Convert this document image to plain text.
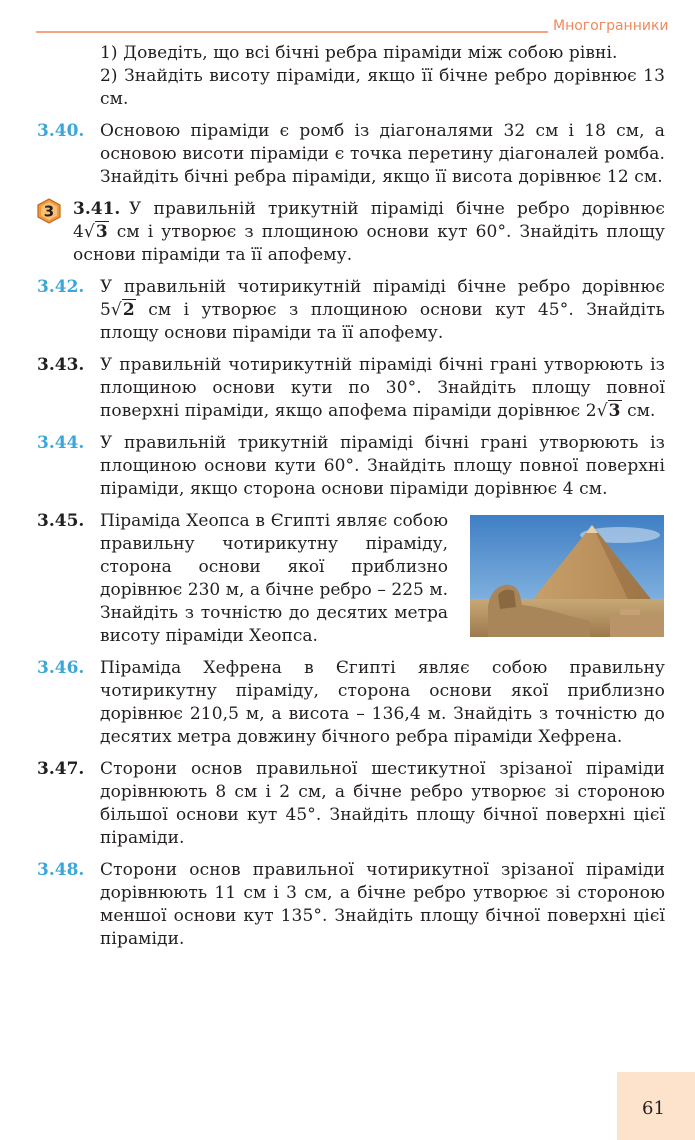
Многогранники
1) Доведіть, що всі бічні ребра піраміди між собою рівні.
2) Знайдіть висоту піраміди, якщо її бічне ребро дорівнює 13 см.
3.40. Основою піраміди є ромб із діагоналями 32 см і 18 см, а основою висоти піраміди є точка перетину діагоналей ромба. Знайдіть бічні ребра піраміди, якщо її висота дорівнює 12 см.
3 3.41. У правильній трикутній піраміді бічне ребро дорівнює 4√3 см і утворює з площиною основи кут 60°. Знайдіть площу основи піраміди та її апофему.
3.42. У правильній чотирикутній піраміді бічне ребро дорівнює 5√2 см і утворює з площиною основи кут 45°. Знайдіть площу основи піраміди та її апофему.
3.43. У правильній чотирикутній піраміді бічні грані утворюють із площиною основи кути по 30°. Знайдіть площу повної поверхні піраміди, якщо апофема піраміди дорівнює 2√3 см.
3.44. У правильній трикутній піраміді бічні грані утворюють із площиною основи кути 60°. Знайдіть площу повної поверхні піраміди, якщо сторона основи піраміди дорівнює 4 см.
3.45. Піраміда Хеопса в Єгипті являє собою правильну чотирикутну піраміду, сторона основи якої приблизно дорівнює 230 м, а бічне ребро – 225 м. Знайдіть з точністю до десятих метра висоту піраміди Хеопса.
3.46. Піраміда Хефрена в Єгипті являє собою правильну чотирикутну піраміду, сторона основи якої приблизно дорівнює 210,5 м, а висота – 136,4 м. Знайдіть з точністю до десятих метра довжину бічного ребра піраміди Хефрена.
3.47. Сторони основ правильної шестикутної зрізаної піраміди дорівнюють 8 см і 2 см, а бічне ребро утворює зі стороною більшої основи кут 45°. Знайдіть площу бічної поверхні цієї піраміди.
3.48. Сторони основ правильної чотирикутної зрізаної піраміди дорівнюють 11 см і 3 см, а бічне ребро утворює зі стороною меншої основи кут 135°. Знайдіть площу бічної поверхні цієї піраміди.
61
